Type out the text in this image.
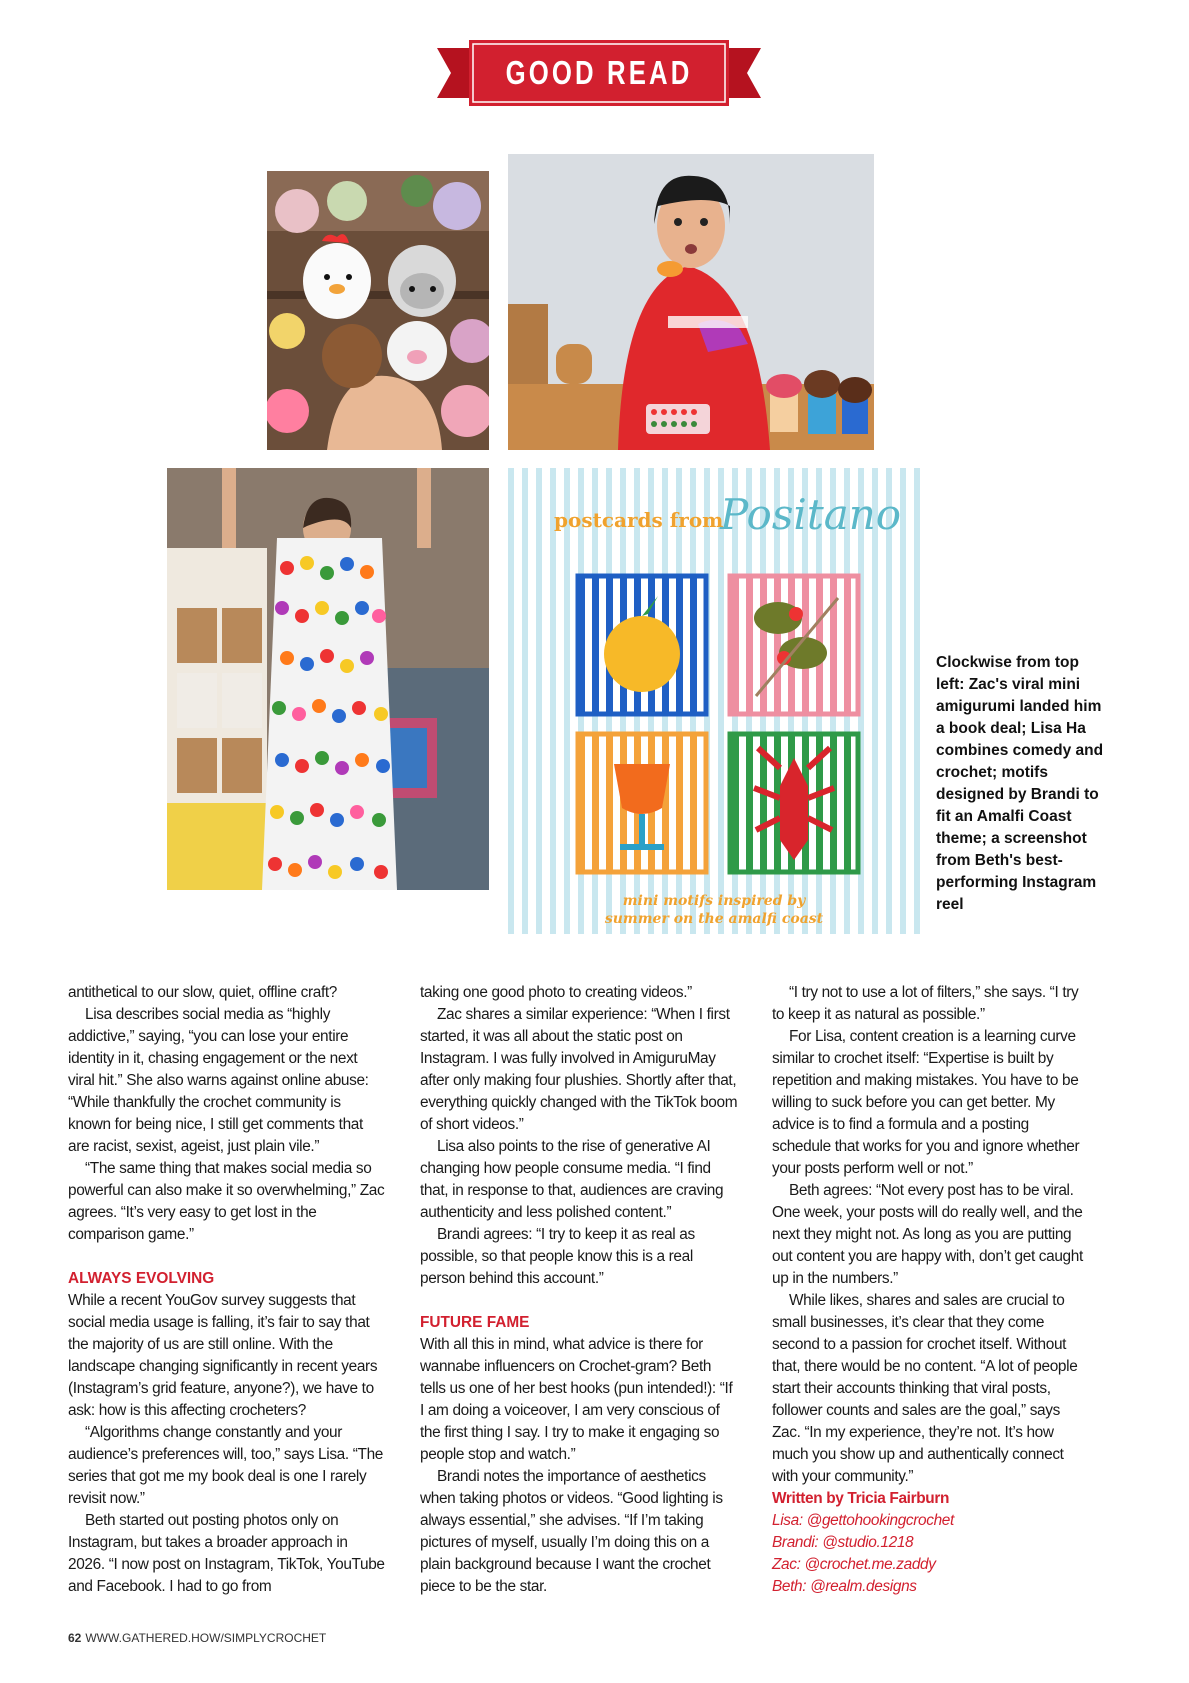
GOOD READ
postcards from
Positano
mini motifs inspired by
summer on the amalfi coast
Clockwise from top left: Zac's viral mini amigurumi landed him a book deal; Lisa Ha combines comedy and crochet; motifs designed by Brandi to fit an Amalfi Coast theme; a screenshot from Beth's best-performing Instagram reel

antithetical to our slow, quiet, offline craft?

Lisa describes social media as “highly addictive,” saying, “you can lose your entire identity in it, chasing engagement or the next viral hit.” She also warns against online abuse: “While thankfully the crochet community is known for being nice, I still get comments that are racist, sexist, ageist, just plain vile.”

“The same thing that makes social media so powerful can also make it so overwhelming,” Zac agrees. “It’s very easy to get lost in the comparison game.”

ALWAYS EVOLVING

While a recent YouGov survey suggests that social media usage is falling, it’s fair to say that the majority of us are still online. With the landscape changing significantly in recent years (Instagram’s grid feature, anyone?), we have to ask: how is this affecting crocheters?

“Algorithms change constantly and your audience’s preferences will, too,” says Lisa. “The series that got me my book deal is one I rarely revisit now.”

Beth started out posting photos only on Instagram, but takes a broader approach in 2026. “I now post on Instagram, TikTok, YouTube and Facebook. I had to go from

taking one good photo to creating videos.”

Zac shares a similar experience: “When I first started, it was all about the static post on Instagram. I was fully involved in AmiguruMay after only making four plushies. Shortly after that, everything quickly changed with the TikTok boom of short videos.”

Lisa also points to the rise of generative AI changing how people consume media. “I find that, in response to that, audiences are craving authenticity and less polished content.”

Brandi agrees: “I try to keep it as real as possible, so that people know this is a real person behind this account.”

FUTURE FAME

With all this in mind, what advice is there for wannabe influencers on Crochet-gram? Beth tells us one of her best hooks (pun intended!): “If I am doing a voiceover, I am very conscious of the first thing I say. I try to make it engaging so people stop and watch.”

Brandi notes the importance of aesthetics when taking photos or videos. “Good lighting is always essential,” she advises. “If I’m taking pictures of myself, usually I’m doing this on a plain background because I want the crochet piece to be the star.

“I try not to use a lot of filters,” she says. “I try to keep it as natural as possible.”

For Lisa, content creation is a learning curve similar to crochet itself: “Expertise is built by repetition and making mistakes. You have to be willing to suck before you can get better. My advice is to find a formula and a posting schedule that works for you and ignore whether your posts perform well or not.”

Beth agrees: “Not every post has to be viral. One week, your posts will do really well, and the next they might not. As long as you are putting out content you are happy with, don’t get caught up in the numbers.”

While likes, shares and sales are crucial to small businesses, it’s clear that they come second to a passion for crochet itself. Without that, there would be no content. “A lot of people start their accounts thinking that viral posts, follower counts and sales are the goal,” says Zac. “In my experience, they’re not. It’s how much you show up and authentically connect with your community.”

Written by Tricia Fairburn

Lisa: @gettohookingcrochet

Brandi: @studio.1218

Zac: @crochet.me.zaddy

Beth: @realm.designs

62 WWW.GATHERED.HOW/SIMPLYCROCHET
